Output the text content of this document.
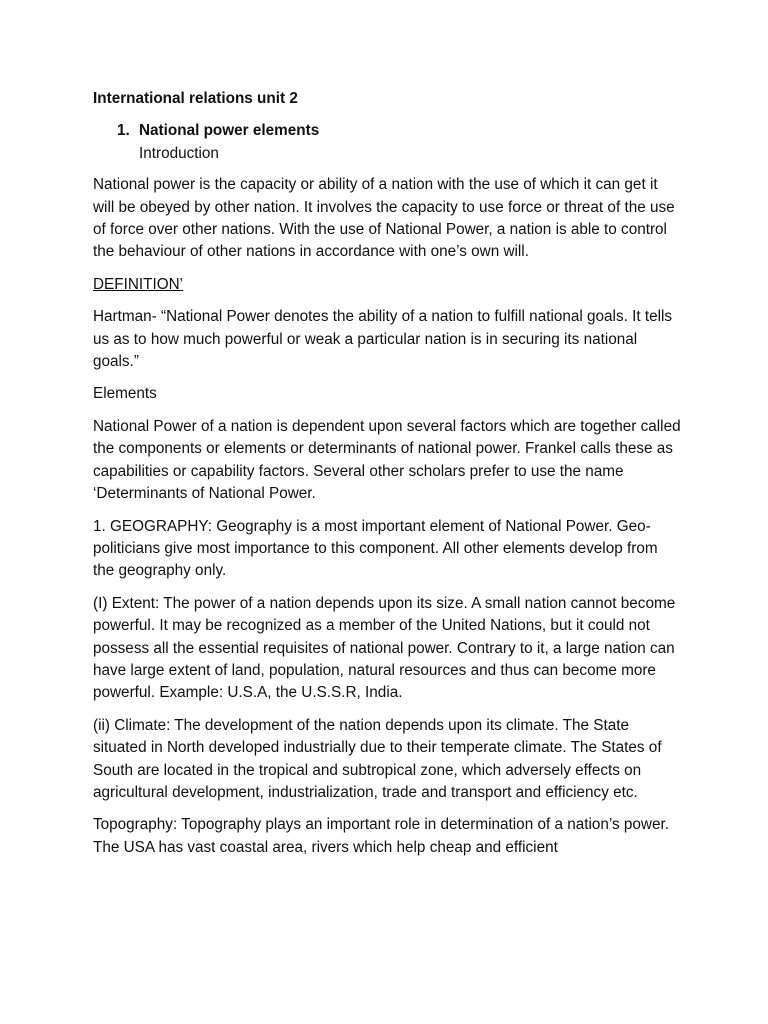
International relations unit 2

1. National power elements
Introduction

National power is the capacity or ability of a nation with the use of which it can get it will be obeyed by other nation. It involves the capacity to use force or threat of the use of force over other nations. With the use of National Power, a nation is able to control the behaviour of other nations in accordance with one’s own will.

DEFINITION’

Hartman- “National Power denotes the ability of a nation to fulfill national goals. It tells us as to how much powerful or weak a particular nation is in securing its national goals.”

Elements

National Power of a nation is dependent upon several factors which are together called the components or elements or determinants of national power. Frankel calls these as capabilities or capability factors. Several other scholars prefer to use the name ‘Determinants of National Power.

1. GEOGRAPHY: Geography is a most important element of National Power. Geo-politicians give most importance to this component. All other elements develop from the geography only.

(I) Extent: The power of a nation depends upon its size. A small nation cannot become powerful. It may be recognized as a member of the United Nations, but it could not possess all the essential requisites of national power. Contrary to it, a large nation can have large extent of land, population, natural resources and thus can become more powerful. Example: U.S.A, the U.S.S.R, India.

(ii) Climate: The development of the nation depends upon its climate. The State situated in North developed industrially due to their temperate climate. The States of South are located in the tropical and subtropical zone, which adversely effects on agricultural development, industrialization, trade and transport and efficiency etc.

Topography: Topography plays an important role in determination of a nation’s power. The USA has vast coastal area, rivers which help cheap and efficient
